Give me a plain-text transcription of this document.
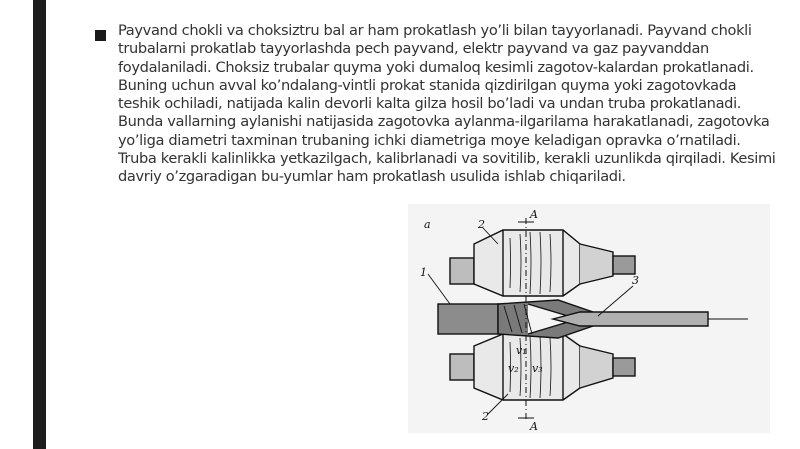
Payvand chokli va choksiztru bal ar ham prokatlash yo’li bilan tayyorlanadi. Payvand chokli trubalarni prokatlab tayyorlashda pech payvand, elektr payvand va gaz payvanddan foydalaniladi. Choksiz trubalar quyma yoki dumaloq kesimli zagotov-kalardan prokatlanadi. Buning uchun avval ko’ndalang-vintli prokat stanida qizdirilgan quyma yoki zagotovkada teshik ochiladi, natijada kalin devorli kalta gilza hosil bo’ladi va undan truba prokatlanadi. Bunda vallarning aylanishi natijasida zagotovka aylanma-ilgarilama harakatlanadi, zagotovka yo’liga diametri taxminan trubaning ichki diametriga moye keladigan opravka o’rnatiladi. Truba kerakli kalinlikka yetkazilgach, kalibrlanadi va sovitilib, kerakli uzunlikda qirqiladi. Kesimi davriy o’zgaradigan bu-yumlar ham prokatlash usulida ishlab chiqariladi.

a
A
A
1
2
2
3
v₁
v₂ v₃
